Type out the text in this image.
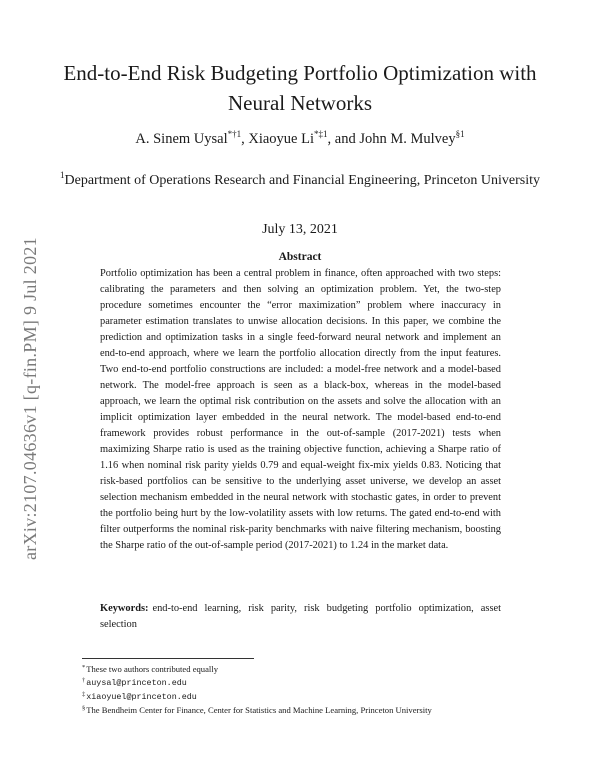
arXiv:2107.04636v1 [q-fin.PM] 9 Jul 2021
End-to-End Risk Budgeting Portfolio Optimization with Neural Networks
A. Sinem Uysal$^{*\dagger 1}$, Xiaoyue Li$^{*\ddagger 1}$, and John M. Mulvey$^{\S 1}$
$^1$Department of Operations Research and Financial Engineering, Princeton University
July 13, 2021
Abstract

Portfolio optimization has been a central problem in finance, often approached with two steps: calibrating the parameters and then solving an optimization problem. Yet, the two-step procedure sometimes encounter the “error maximization” problem where inaccuracy in parameter estimation translates to unwise allocation decisions. In this paper, we combine the prediction and optimization tasks in a single feed-forward neural network and implement an end-to-end approach, where we learn the portfolio allocation directly from the input features. Two end-to-end portfolio constructions are included: a model-free network and a model-based network. The model-free approach is seen as a black-box, whereas in the model-based approach, we learn the optimal risk contribution on the assets and solve the allocation with an implicit optimization layer embedded in the neural network. The model-based end-to-end framework provides robust performance in the out-of-sample (2017-2021) tests when maximizing Sharpe ratio is used as the training objective function, achieving a Sharpe ratio of 1.16 when nominal risk parity yields 0.79 and equal-weight fix-mix yields 0.83. Noticing that risk-based portfolios can be sensitive to the underlying asset universe, we develop an asset selection mechanism embedded in the neural network with stochastic gates, in order to prevent the portfolio being hurt by the low-volatility assets with low returns. The gated end-to-end with filter outperforms the nominal risk-parity benchmarks with naive filtering mechanism, boosting the Sharpe ratio of the out-of-sample period (2017-2021) to 1.24 in the market data.

Keywords: end-to-end learning, risk parity, risk budgeting portfolio optimization, asset selection

*These two authors contributed equally
†auysal@princeton.edu
‡xiaoyuel@princeton.edu
§The Bendheim Center for Finance, Center for Statistics and Machine Learning, Princeton University
